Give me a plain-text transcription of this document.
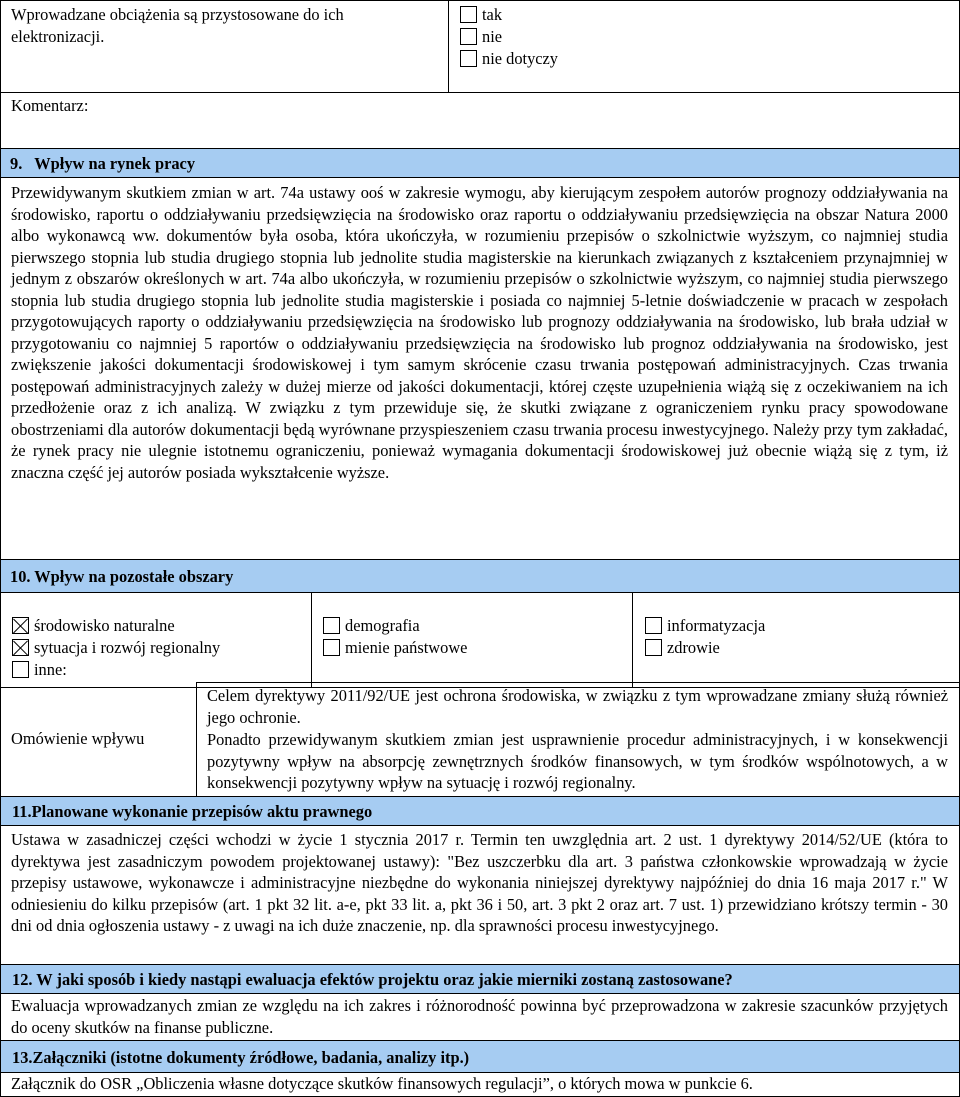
Wprowadzane obciążenia są przystosowane do ich elektronizacji.
tak
nie
nie dotyczy
Komentarz:
9.   Wpływ na rynek pracy
Przewidywanym skutkiem zmian w art. 74a ustawy ooś w zakresie wymogu, aby kierującym zespołem autorów prognozy oddziaływania na środowisko, raportu o oddziaływaniu przedsięwzięcia na środowisko oraz raportu o oddziaływaniu przedsięwzięcia na obszar Natura 2000 albo wykonawcą ww. dokumentów była osoba, która ukończyła, w rozumieniu przepisów o szkolnictwie wyższym, co najmniej studia pierwszego stopnia lub studia drugiego stopnia lub jednolite studia magisterskie na kierunkach związanych z kształceniem przynajmniej w jednym z obszarów określonych w art. 74a albo ukończyła, w rozumieniu przepisów o szkolnictwie wyższym, co najmniej studia pierwszego stopnia lub studia drugiego stopnia lub jednolite studia magisterskie i posiada co najmniej 5-letnie doświadczenie w pracach w zespołach przygotowujących raporty o oddziaływaniu przedsięwzięcia na środowisko lub prognozy oddziaływania na środowisko, lub brała udział w przygotowaniu co najmniej 5 raportów o oddziaływaniu przedsięwzięcia na środowisko lub prognoz oddziaływania na środowisko, jest zwiększenie jakości dokumentacji środowiskowej i tym samym skrócenie czasu trwania postępowań administracyjnych. Czas trwania postępowań administracyjnych zależy w dużej mierze od jakości dokumentacji, której częste uzupełnienia wiążą się z oczekiwaniem na ich przedłożenie oraz z ich analizą. W związku z tym przewiduje się, że skutki związane z ograniczeniem rynku pracy spowodowane obostrzeniami dla autorów dokumentacji będą wyrównane przyspieszeniem czasu trwania procesu inwestycyjnego. Należy przy tym zakładać, że rynek pracy nie ulegnie istotnemu ograniczeniu, ponieważ wymagania dokumentacji środowiskowej już obecnie wiążą się z tym, iż znaczna część jej autorów posiada wykształcenie wyższe.
10. Wpływ na pozostałe obszary
środowisko naturalne
sytuacja i rozwój regionalny
inne:
demografia
mienie państwowe
informatyzacja
zdrowie
Omówienie wpływu
Celem dyrektywy 2011/92/UE jest ochrona środowiska, w związku z tym wprowadzane zmiany służą również jego ochronie.
Ponadto przewidywanym skutkiem zmian jest usprawnienie procedur administracyjnych, i w konsekwencji pozytywny wpływ na absorpcję zewnętrznych środków finansowych, w tym środków wspólnotowych, a w konsekwencji pozytywny wpływ na sytuację i rozwój regionalny.
11.Planowane wykonanie przepisów aktu prawnego
Ustawa w zasadniczej części wchodzi w życie 1 stycznia 2017 r. Termin ten uwzględnia art. 2 ust. 1 dyrektywy 2014/52/UE (która to dyrektywa jest zasadniczym powodem projektowanej ustawy): "Bez uszczerbku dla art. 3 państwa członkowskie wprowadzają w życie przepisy ustawowe, wykonawcze i administracyjne niezbędne do wykonania niniejszej dyrektywy najpóźniej do dnia 16 maja 2017 r." W odniesieniu do kilku przepisów (art. 1 pkt 32 lit. a-e, pkt 33 lit. a, pkt 36 i 50, art. 3 pkt 2 oraz art. 7 ust. 1) przewidziano krótszy termin - 30 dni od dnia ogłoszenia ustawy - z uwagi na ich duże znaczenie, np. dla sprawności procesu inwestycyjnego.
12. W jaki sposób i kiedy nastąpi ewaluacja efektów projektu oraz jakie mierniki zostaną zastosowane?
Ewaluacja wprowadzanych zmian ze względu na ich zakres i różnorodność powinna być przeprowadzona w zakresie szacunków przyjętych do oceny skutków na finanse publiczne.
13.Załączniki (istotne dokumenty źródłowe, badania, analizy itp.)
Załącznik do OSR „Obliczenia własne dotyczące skutków finansowych regulacji”, o których mowa w punkcie 6.
